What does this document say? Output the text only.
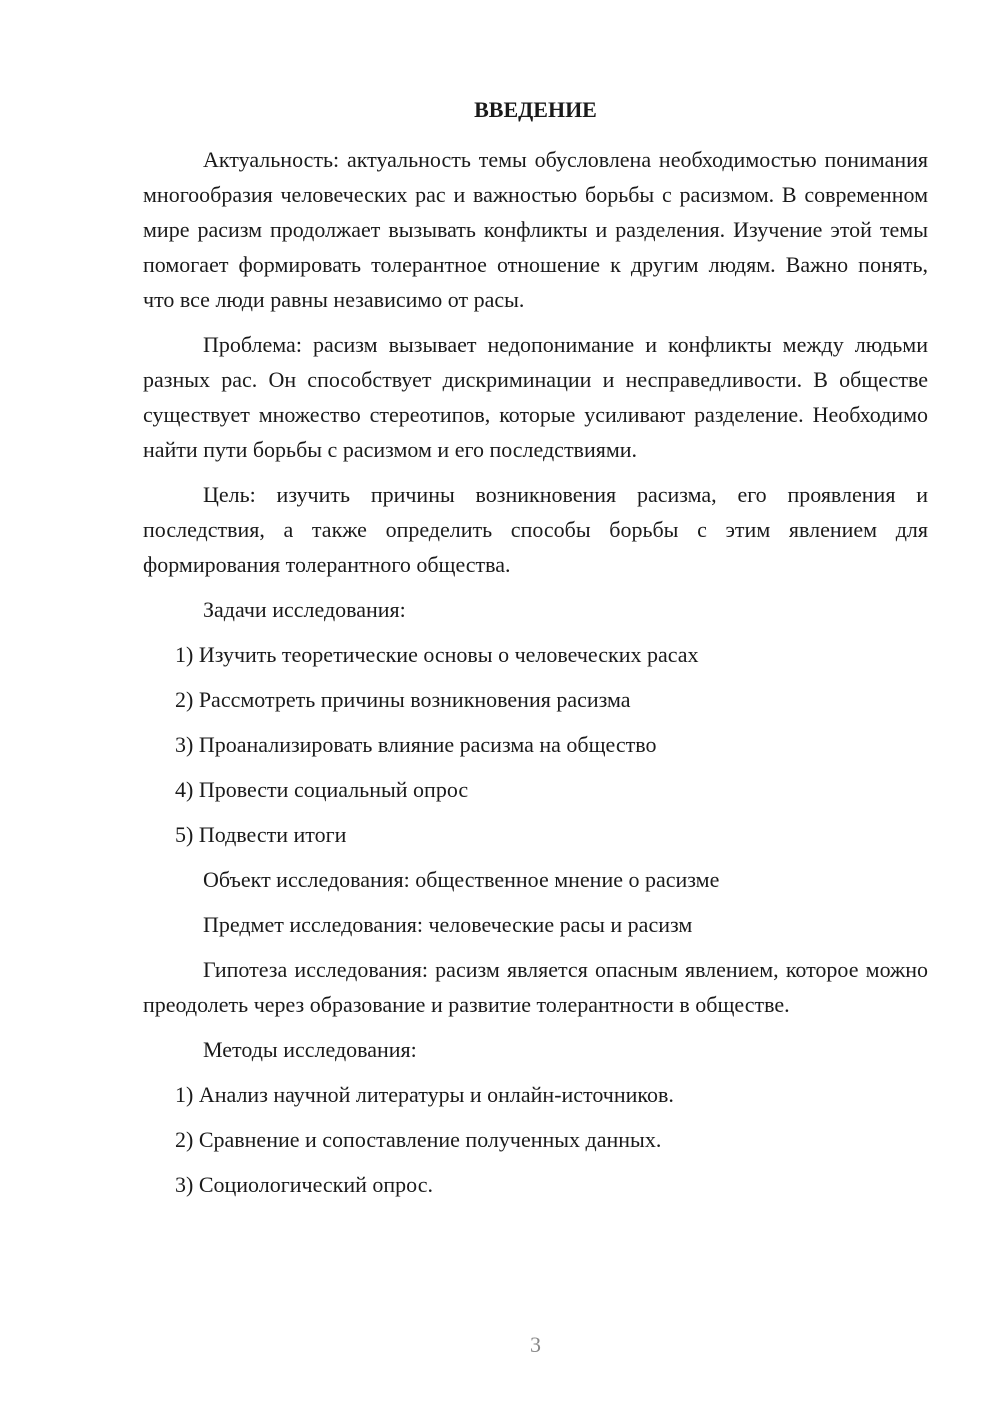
ВВЕДЕНИЕ

Актуальность: актуальность темы обусловлена необходимостью понимания многообразия человеческих рас и важностью борьбы с расизмом. В современном мире расизм продолжает вызывать конфликты и разделения. Изучение этой темы помогает формировать толерантное отношение к другим людям. Важно понять, что все люди равны независимо от расы.

Проблема: расизм вызывает недопонимание и конфликты между людьми разных рас. Он способствует дискриминации и несправедливости. В обществе существует множество стереотипов, которые усиливают разделение. Необходимо найти пути борьбы с расизмом и его последствиями.

Цель: изучить причины возникновения расизма, его проявления и последствия, а также определить способы борьбы с этим явлением для формирования толерантного общества.

Задачи исследования:

1) Изучить теоретические основы о человеческих расах

2) Рассмотреть причины возникновения расизма

3) Проанализировать влияние расизма на общество

4) Провести социальный опрос

5) Подвести итоги

Объект исследования: общественное мнение о расизме

Предмет исследования: человеческие расы и расизм

Гипотеза исследования: расизм является опасным явлением, которое можно преодолеть через образование и развитие толерантности в обществе.

Методы исследования:

1) Анализ научной литературы и онлайн-источников.

2) Сравнение и сопоставление полученных данных.

3) Социологический опрос.

3
